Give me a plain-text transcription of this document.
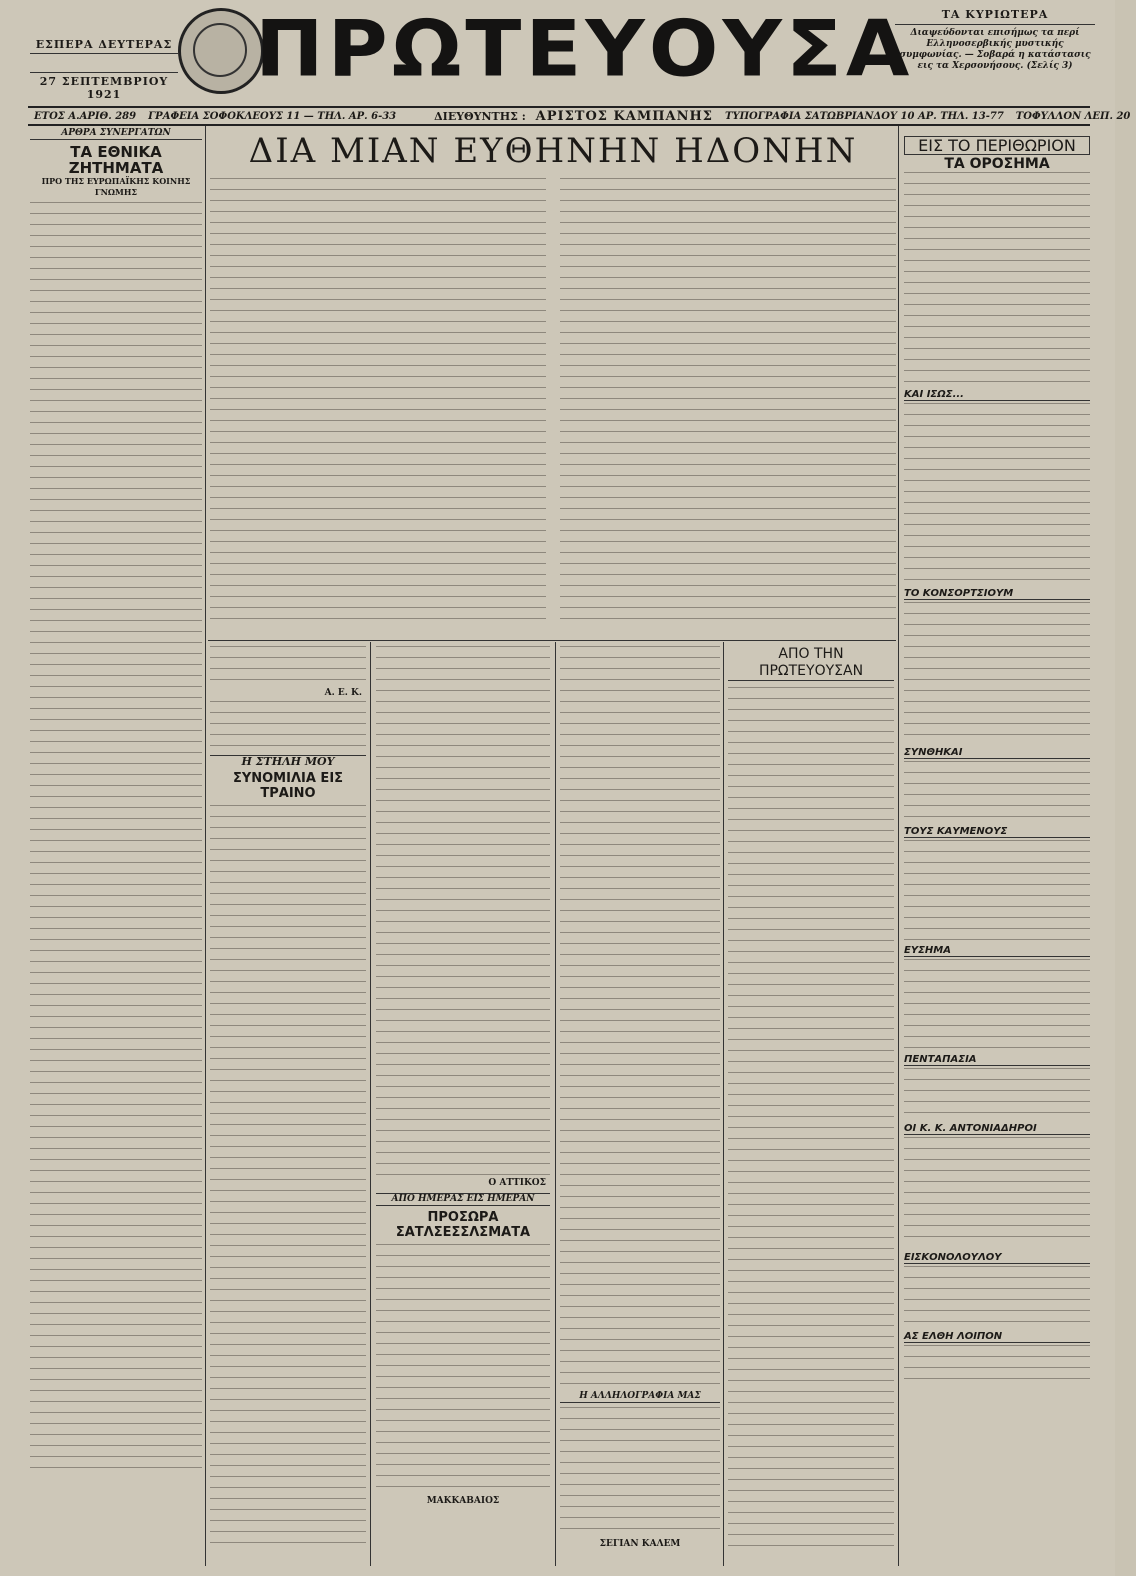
ΕΣΠΕΡΑ ΔΕΥΤΕΡΑΣ
27 ΣΕΠΤΕΜΒΡΙΟΥ 1921	ΠΡΩΤΕΥΟΥΣΑ	ΤΑ ΚΥΡΙΩΤΕΡΑ
Διαψεύδονται επισήμως τα περί Ελληνοσερβικής μυστικής συμφωνίας. — Σοβαρά η κατάστασις εις τα Χερσονήσους. (Σελίς 3)
ΕΤΟΣ Α.ΑΡΙΘ. 289	ΓΡΑΦΕΙΑ ΣΟΦΟΚΛΕΟΥΣ 11 — ΤΗΛ. ΑΡ. 6-33	ΔΙΕΥΘΥΝΤΗΣ : ΑΡΙΣΤΟΣ ΚΑΜΠΑΝΗΣ	ΤΥΠΟΓΡΑΦΙΑ ΣΑΤΩΒΡΙΑΝΔΟΥ 10 ΑΡ. ΤΗΛ. 13-77	ΤΟΦΥΛΛΟΝ ΛΕΠ. 20
ΑΡΘΡΑ ΣΥΝΕΡΓΑΤΩΝ
ΤΑ ΕΘΝΙΚΑ ΖΗΤΗΜΑΤΑ
ΠΡΟ ΤΗΣ ΕΥΡΩΠΑΪΚΗΣ ΚΟΙΝΗΣ ΓΝΩΜΗΣ
ΔΙΑ ΜΙΑΝ ΕΥΘΗΝΗΝ ΗΔΟΝΗΝ	ΕΙΣ ΤΟ ΠΕΡΙΘΩΡΙΟΝ
ΤΑ ΟΡΟΣΗΜΑ
ΚΑΙ ΙΣΩΣ...
ΤΟ ΚΟΝΣΟΡΤΣΙΟΥΜ
ΣΥΝΘΗΚΑΙ
ΤΟΥΣ ΚΑΥΜΕΝΟΥΣ
ΕΥΣΗΜΑ
ΠΕΝΤΑΠΑΣΙΑ
ΟΙ Κ. Κ. ΑΝΤΟΝΙΑΔΗΡΟΙ
ΕΙΣΚΟΝΟΛΟΥΛΟΥ
ΑΣ ΕΛΘΗ ΛΟΙΠΟΝ
Α. Ε. Κ.
Η ΣΤΗΛΗ ΜΟΥ
ΣΥΝΟΜΙΛΙΑ ΕΙΣ ΤΡΑΙΝΟ
Ο ΑΤΤΙΚΟΣ
ΑΠΟ ΗΜΕΡΑΣ ΕΙΣ ΗΜΕΡΑΝ
ΠΡΟΣΩΡΑ ΣΑΤΛΣΕΣΣΛΣΜΑΤΑ
ΜΑΚΚΑΒΑΙΟΣ
Η ΑΛΛΗΛΟΓΡΑΦΙΑ ΜΑΣ
ΣΕΓΙΑΝ ΚΑΛΕΜ
ΑΠΟ ΤΗΝ ΠΡΩΤΕΥΟΥΣΑΝ
